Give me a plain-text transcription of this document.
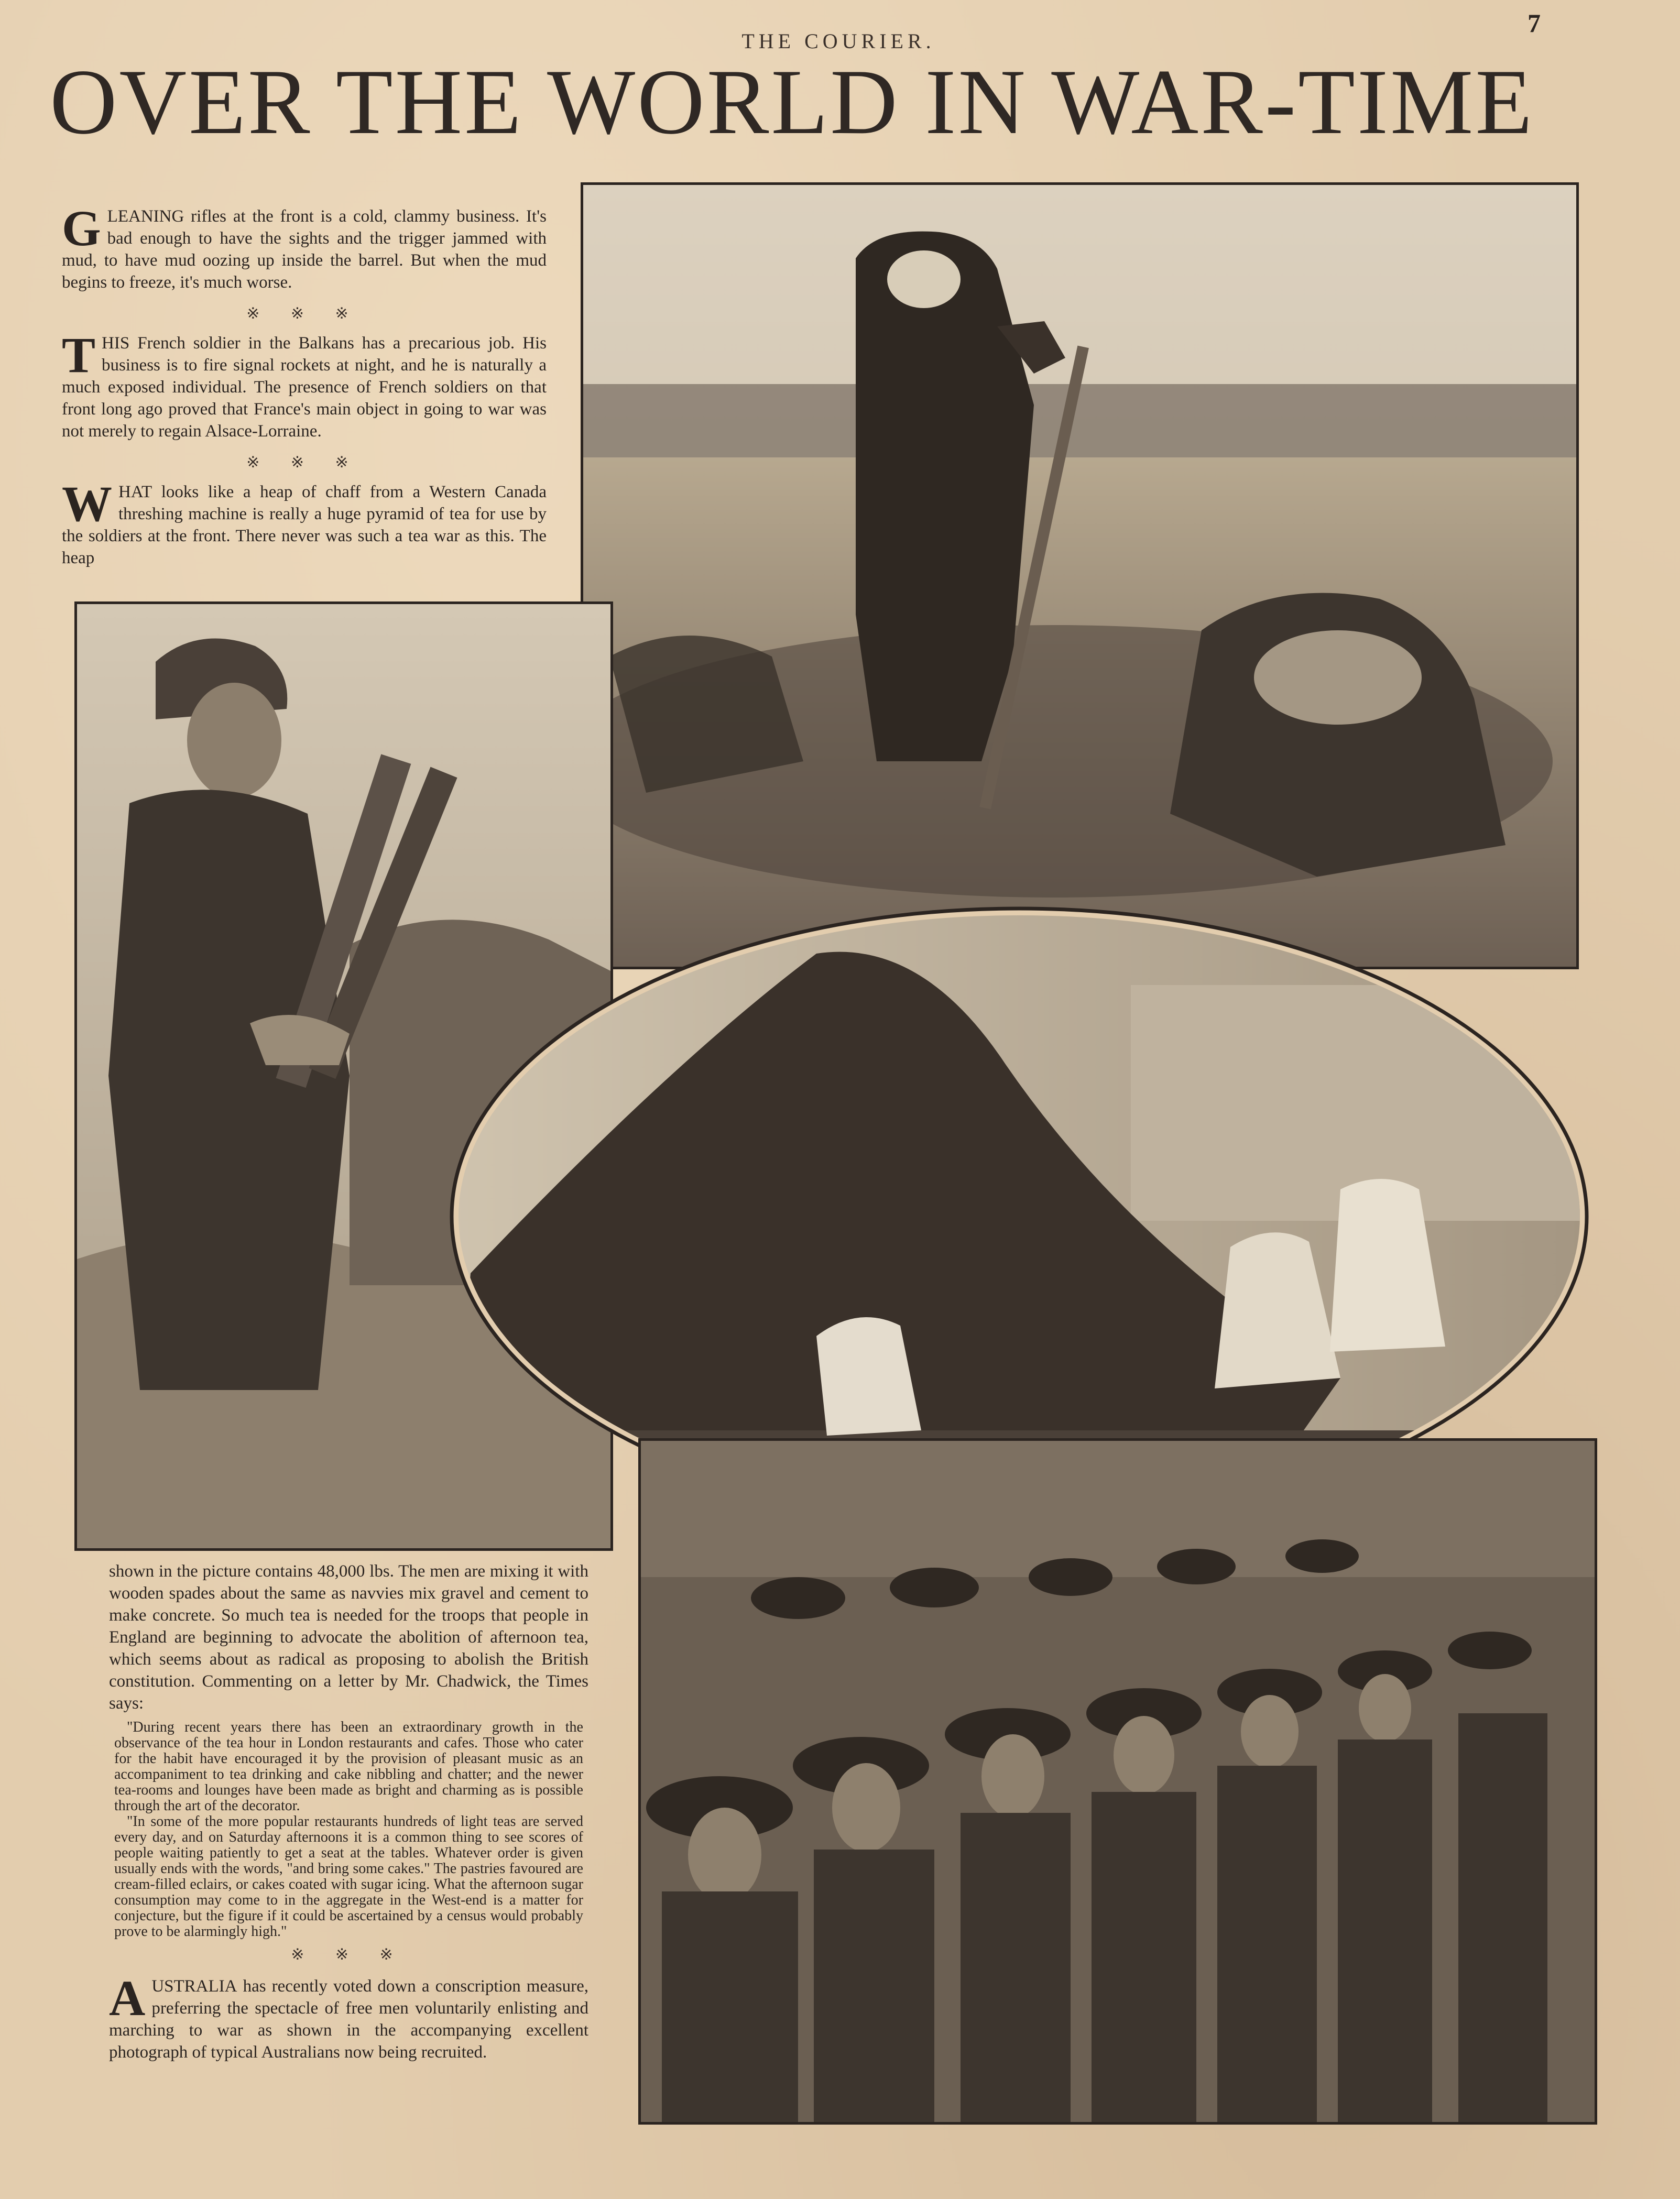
THE COURIER.
7
OVER THE WORLD IN WAR-TIME

GLEANING rifles at the front is a cold, clammy business. It's bad enough to have the sights and the trigger jammed with mud, to have mud oozing up inside the barrel. But when the mud begins to freeze, it's much worse.

※ ※ ※

THIS French soldier in the Balkans has a precarious job. His business is to fire signal rockets at night, and he is naturally a much exposed individual. The presence of French soldiers on that front long ago proved that France's main object in going to war was not merely to regain Alsace-Lorraine.

※ ※ ※

WHAT looks like a heap of chaff from a Western Canada threshing machine is really a huge pyramid of tea for use by the soldiers at the front. There never was such a tea war as this. The heap

shown in the picture contains 48,000 lbs. The men are mixing it with wooden spades about the same as navvies mix gravel and cement to make concrete. So much tea is needed for the troops that people in England are beginning to advocate the abolition of afternoon tea, which seems about as radical as proposing to abolish the British constitution. Commenting on a letter by Mr. Chadwick, the Times says:

"During recent years there has been an extraordinary growth in the observance of the tea hour in London restaurants and cafes. Those who cater for the habit have encouraged it by the provision of pleasant music as an accompaniment to tea drinking and cake nibbling and chatter; and the newer tea-rooms and lounges have been made as bright and charming as is possible through the art of the decorator.

"In some of the more popular restaurants hundreds of light teas are served every day, and on Saturday afternoons it is a common thing to see scores of people waiting patiently to get a seat at the tables. Whatever order is given usually ends with the words, "and bring some cakes." The pastries favoured are cream-filled eclairs, or cakes coated with sugar icing. What the afternoon sugar consumption may come to in the aggregate in the West-end is a matter for conjecture, but the figure if it could be ascertained by a census would probably prove to be alarmingly high."

※ ※ ※

AUSTRALIA has recently voted down a conscription measure, preferring the spectacle of free men voluntarily enlisting and marching to war as shown in the accompanying excellent photograph of typical Australians now being recruited.
